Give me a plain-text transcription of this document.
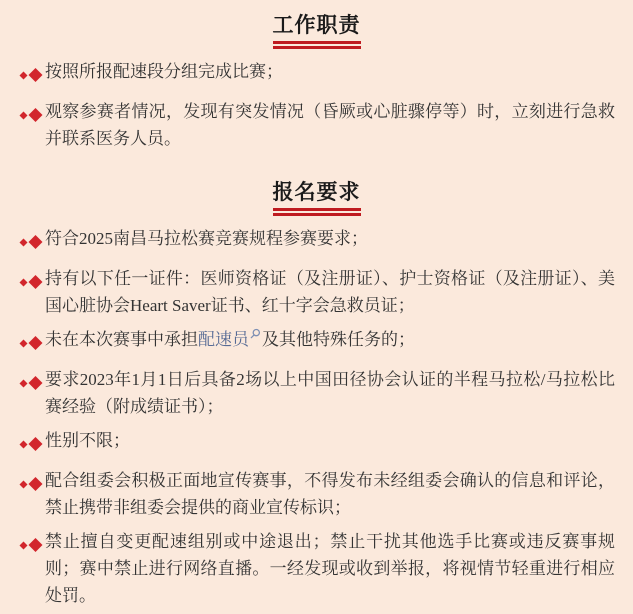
工作职责

按照所报配速段分组完成比赛；

观察参赛者情况，发现有突发情况（昏厥或心脏骤停等）时，立刻进行急救并联系医务人员。

报名要求

符合2025南昌马拉松赛竞赛规程参赛要求；

持有以下任一证件：医师资格证（及注册证）、护士资格证（及注册证）、美国心脏协会Heart Saver证书、红十字会急救员证；

未在本次赛事中承担配速员 及其他特殊任务的；

要求2023年1月1日后具备2场以上中国田径协会认证的半程马拉松/马拉松比赛经验（附成绩证书）；

性别不限；

配合组委会积极正面地宣传赛事，不得发布未经组委会确认的信息和评论，禁止携带非组委会提供的商业宣传标识；

禁止擅自变更配速组别或中途退出；禁止干扰其他选手比赛或违反赛事规则；赛中禁止进行网络直播。一经发现或收到举报，将视情节轻重进行相应处罚。
